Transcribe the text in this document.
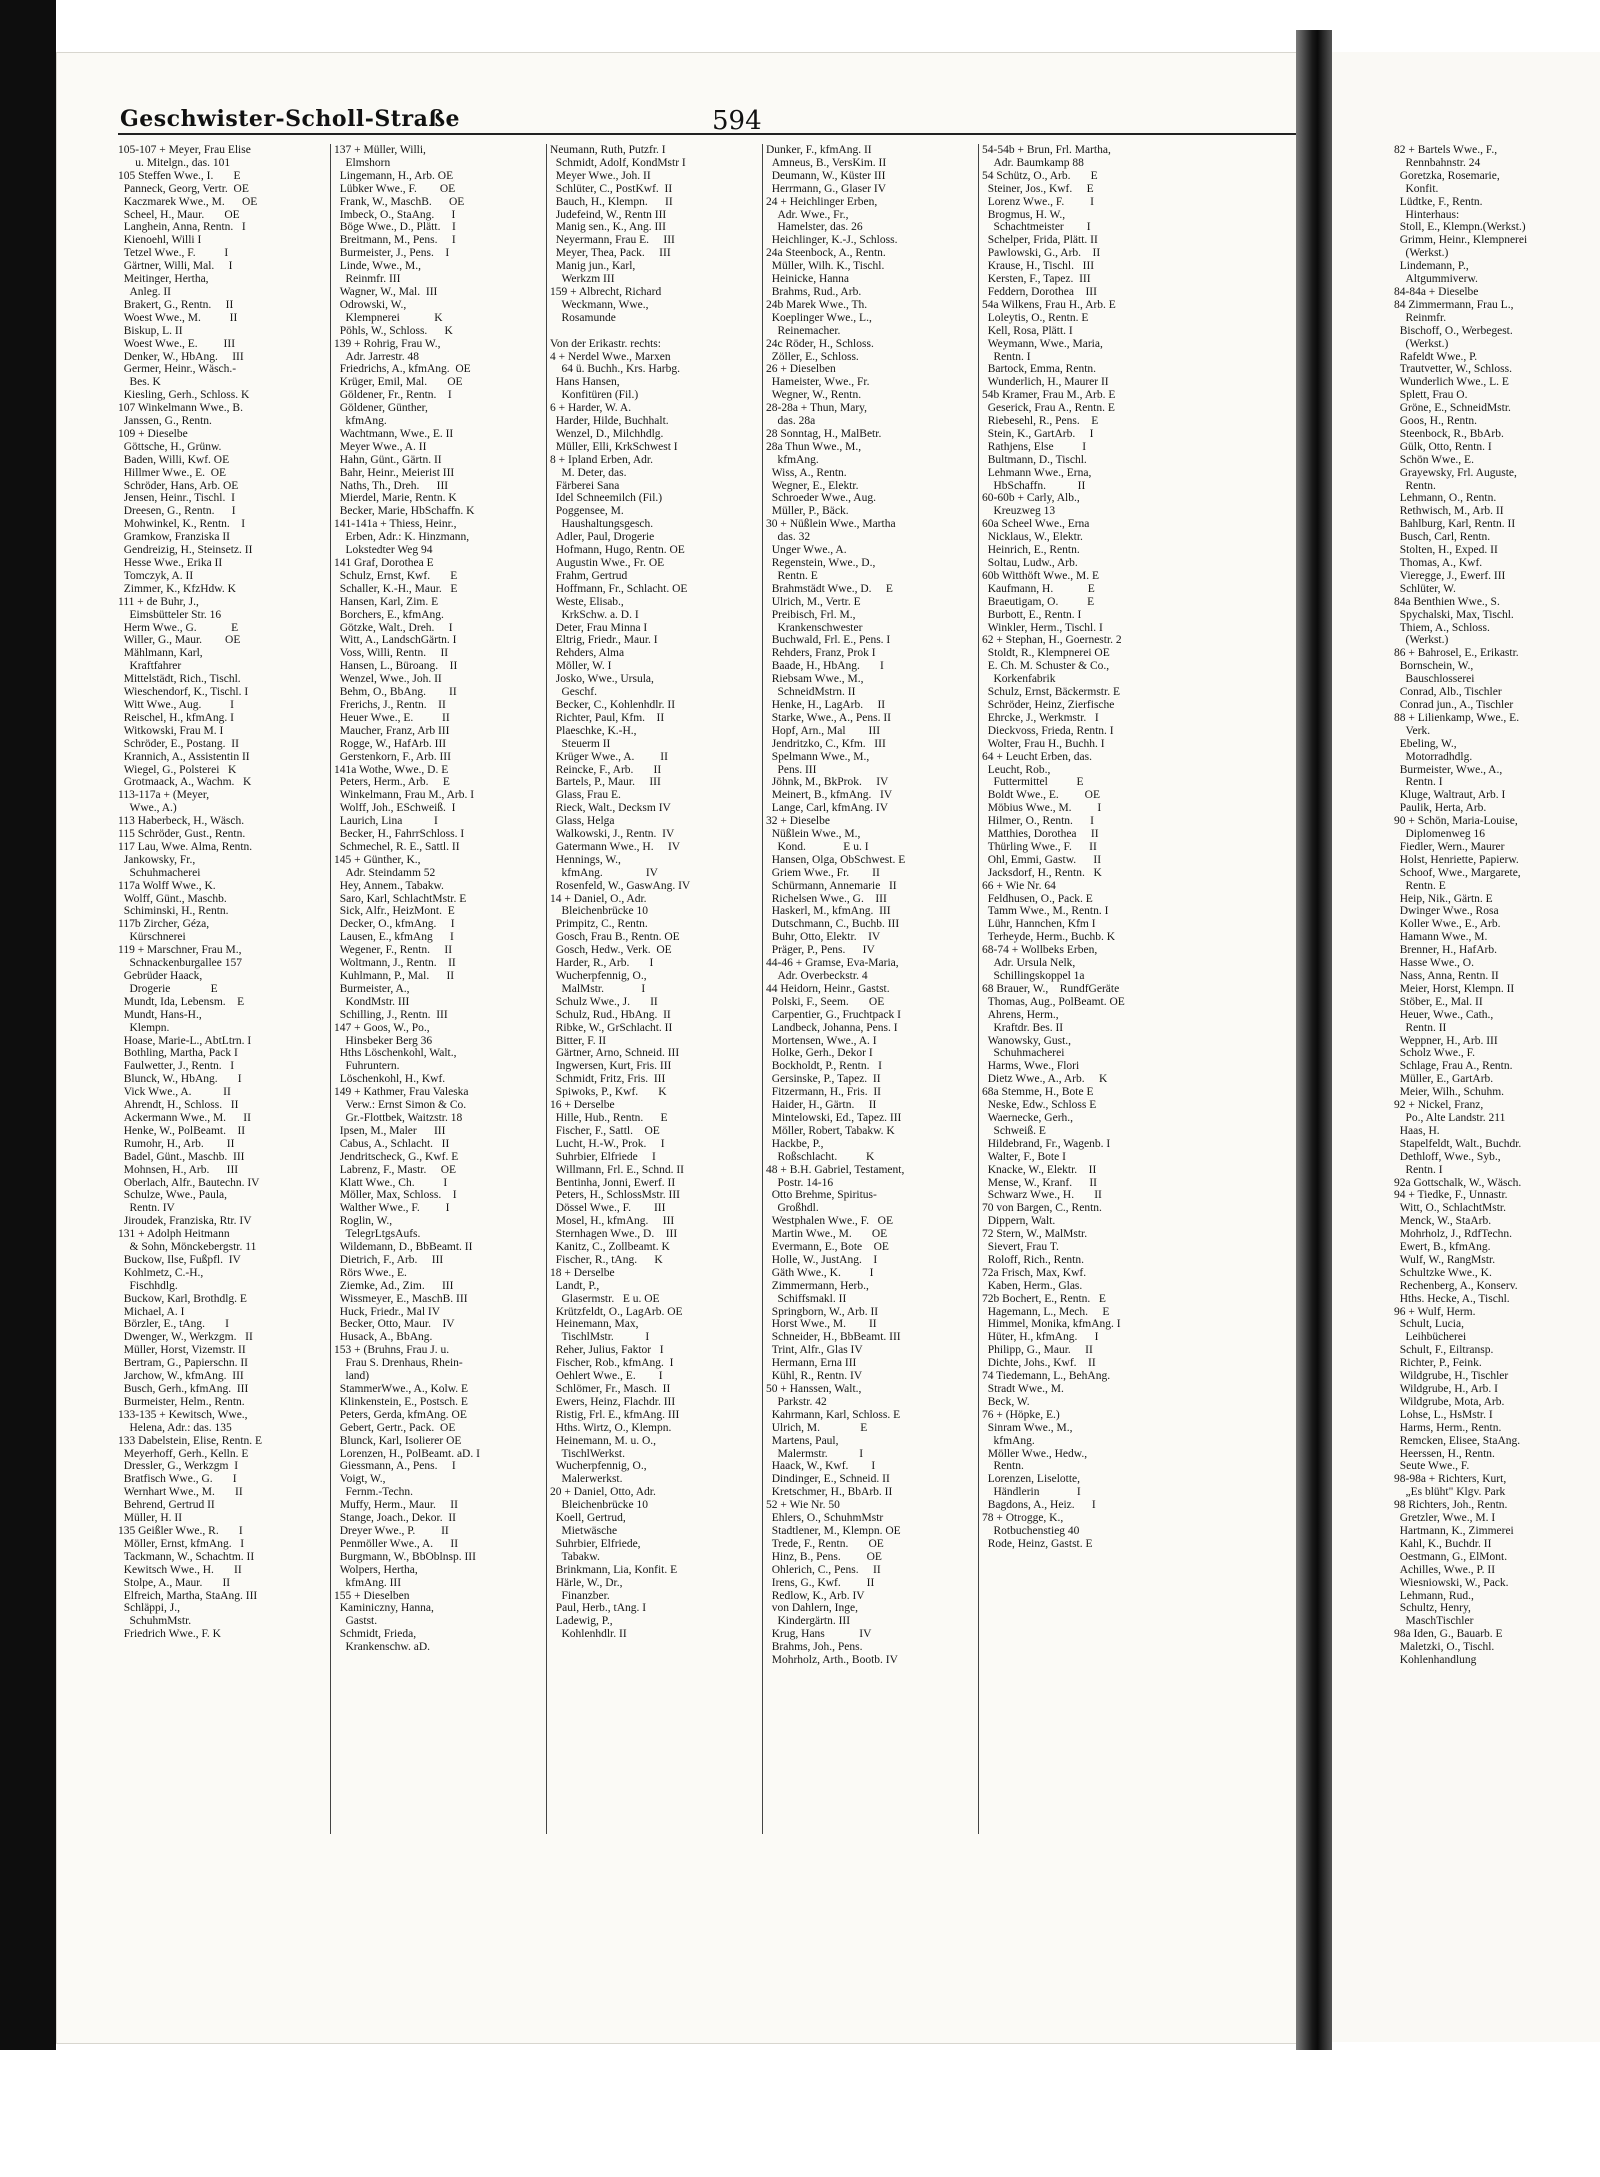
Geschwister-Scholl-Straße	594
105-107 + Meyer, Frau Elise
u. Mitelgn., das. 101
105 Steffen Wwe., I.       E
Panneck, Georg, Vertr.  OE
Kaczmarek Wwe., M.      OE
Scheel, H., Maur.       OE
Langhein, Anna, Rentn.   I
Kienoehl, Willi I
Tetzel Wwe., F.          I
Gärtner, Willi, Mal.     I
Meitinger, Hertha,
Anleg. II
Brakert, G., Rentn.     II
Woest Wwe., M.          II
Biskup, L. II
Woest Wwe., E.         III
Denker, W., HbAng.     III
Germer, Heinr., Wäsch.-
Bes. K
Kiesling, Gerh., Schloss. K
107 Winkelmann Wwe., B.
Janssen, G., Rentn.
109 + Dieselbe
Göttsche, H., Grünw.
Baden, Willi, Kwf. OE
Hillmer Wwe., E.  OE
Schröder, Hans, Arb. OE
Jensen, Heinr., Tischl.  I
Dreesen, G., Rentn.      I
Mohwinkel, K., Rentn.    I
Gramkow, Franziska II
Gendreizig, H., Steinsetz. II
Hesse Wwe., Erika II
Tomczyk, A. II
Zimmer, K., KfzHdw. K
111 + de Buhr, J.,
Eimsbütteler Str. 16
Herm Wwe., G.            E
Willer, G., Maur.        OE
Mählmann, Karl,
Kraftfahrer
Mittelstädt, Rich., Tischl.
Wieschendorf, K., Tischl. I
Witt Wwe., Aug.          I
Reischel, H., kfmAng. I
Witkowski, Frau M. I
Schröder, E., Postang.  II
Krannich, A., Assistentin II
Wiegel, G., Polsterei   K
Grotmaack, A., Wachm.   K
113-117a + (Meyer,
Wwe., A.)
113 Haberbeck, H., Wäsch.
115 Schröder, Gust., Rentn.
117 Lau, Wwe. Alma, Rentn.
Jankowsky, Fr.,
Schuhmacherei
117a Wolff Wwe., K.
Wolff, Günt., Maschb.
Schiminski, H., Rentn.
117b Zircher, Géza,
Kürschnerei
119 + Marschner, Frau M.,
Schnackenburgallee 157
Gebrüder Haack,
Drogerie              E
Mundt, Ida, Lebensm.    E
Mundt, Hans-H.,
Klempn.
Hoase, Marie-L., AbtLtrn. I
Bothling, Martha, Pack I
Faulwetter, J., Rentn.   I
Blunck, W., HbAng.       I
Vick Wwe., A.           II
Ahrendt, H., Schloss.   II
Ackermann Wwe., M.      II
Henke, W., PolBeamt.    II
Rumohr, H., Arb.        II
Badel, Günt., Maschb.  III
Mohnsen, H., Arb.      III
Oberlach, Alfr., Bautechn. IV
Schulze, Wwe., Paula,
Rentn. IV
Jiroudek, Franziska, Rtr. IV
131 + Adolph Heitmann
& Sohn, Mönckebergstr. 11
Buckow, Ilse, Fußpfl.  IV
Kohlmetz, C.-H.,
Fischhdlg.
Buckow, Karl, Brothdlg. E
Michael, A. I
Börzler, E., tAng.       I
Dwenger, W., Werkzgm.   II
Müller, Horst, Vizemstr. II
Bertram, G., Papierschn. II
Jarchow, W., kfmAng.  III
Busch, Gerh., kfmAng.  III
Burmeister, Helm., Rentn.
133-135 + Kewitsch, Wwe.,
Helena, Adr.: das. 135
133 Dabelstein, Elise, Rentn. E
Meyerhoff, Gerh., Kelln. E
Dressler, G., Werkzgm  I
Bratfisch Wwe., G.       I
Wernhart Wwe., M.       II
Behrend, Gertrud II
Müller, H. II
135 Geißler Wwe., R.       I
Möller, Ernst, kfmAng.   I
Tackmann, W., Schachtm. II
Kewitsch Wwe., H.       II
Stolpe, A., Maur.       II
Elfreich, Martha, StaAng. III
Schläppi, J.,
SchuhmMstr.
Friedrich Wwe., F. K
137 + Müller, Willi,
Elmshorn
Lingemann, H., Arb. OE
Lübker Wwe., F.        OE
Frank, W., MaschB.      OE
Imbeck, O., StaAng.      I
Böge Wwe., D., Plätt.    I
Breitmann, M., Pens.     I
Burmeister, J., Pens.    I
Linde, Wwe., M.,
Reinmfr. III
Wagner, W., Mal.  III
Odrowski, W.,
Klempnerei            K
Pöhls, W., Schloss.      K
139 + Rohrig, Frau W.,
Adr. Jarrestr. 48
Friedrichs, A., kfmAng.  OE
Krüger, Emil, Mal.       OE
Göldener, Fr., Rentn.    I
Göldener, Günther,
kfmAng.
Wachtmann, Wwe., E. II
Meyer Wwe., A. II
Hahn, Günt., Gärtn. II
Bahr, Heinr., Meierist III
Naths, Th., Dreh.      III
Mierdel, Marie, Rentn. K
Becker, Marie, HbSchaffn. K
141-141a + Thiess, Heinr.,
Erben, Adr.: K. Hinzmann,
Lokstedter Weg 94
141 Graf, Dorothea E
Schulz, Ernst, Kwf.       E
Schaller, K.-H., Maur.   E
Hansen, Karl, Zim. E
Borchers, E., kfmAng.
Götzke, Walt., Dreh.     I
Witt, A., LandschGärtn. I
Voss, Willi, Rentn.     II
Hansen, L., Büroang.    II
Wenzel, Wwe., Joh. II
Behm, O., BbAng.        II
Frerichs, J., Rentn.    II
Heuer Wwe., E.          II
Maucher, Franz, Arb III
Rogge, W., HafArb. III
Gerstenkorn, F., Arb. III
141a Wothe, Wwe., D. E
Peters, Herm., Arb.     E
Winkelmann, Frau M., Arb. I
Wolff, Joh., ESchweiß.  I
Laurich, Lina           I
Becker, H., FahrrSchloss. I
Schmechel, R. E., Sattl. II
145 + Günther, K.,
Adr. Steindamm 52
Hey, Annem., Tabakw.
Saro, Karl, SchlachtMstr. E
Sick, Alfr., HeizMont.  E
Decker, O., kfmAng.     I
Lausen, E., kfmAng      I
Wegener, F., Rentn.     II
Woltmann, J., Rentn.    II
Kuhlmann, P., Mal.      II
Burmeister, A.,
KondMstr. III
Schilling, J., Rentn.  III
147 + Goos, W., Po.,
Hinsbeker Berg 36
Hths Löschenkohl, Walt.,
Fuhruntern.
Löschenkohl, H., Kwf.
149 + Kathmer, Frau Valeska
Verw.: Ernst Simon & Co.
Gr.-Flottbek, Waitzstr. 18
Ipsen, M., Maler      III
Cabus, A., Schlacht.   II
Jendritscheck, G., Kwf. E
Labrenz, F., Mastr.     OE
Klatt Wwe., Ch.          I
Möller, Max, Schloss.    I
Walther Wwe., F.         I
Roglin, W.,
TelegrLtgsAufs.
Wildemann, D., BbBeamt. II
Dietrich, F., Arb.     III
Rörs Wwe., E.
Ziemke, Ad., Zim.      III
Wissmeyer, E., MaschB. III
Huck, Friedr., Mal IV
Becker, Otto, Maur.    IV
Husack, A., BbAng.
153 + (Bruhns, Frau J. u.
Frau S. Drenhaus, Rhein-
land)
StammerWwe., A., Kolw. E
Klinkenstein, E., Postsch. E
Peters, Gerda, kfmAng. OE
Gebert, Gertr., Pack.  OE
Blunck, Karl, Isolierer OE
Lorenzen, H., PolBeamt. aD. I
Giessmann, A., Pens.     I
Voigt, W.,
Fernm.-Techn.
Muffy, Herm., Maur.     II
Stange, Joach., Dekor.  II
Dreyer Wwe., P.         II
Penmöller Wwe., A.      II
Burgmann, W., BbOblnsp. III
Wolpers, Hertha,
kfmAng. III
155 + Dieselben
Kaminiczny, Hanna,
Gastst.
Schmidt, Frieda,
Krankenschw. aD.
Neumann, Ruth, Putzfr. I
Schmidt, Adolf, KondMstr I
Meyer Wwe., Joh. II
Schlüter, C., PostKwf.  II
Bauch, H., Klempn.      II
Judefeind, W., Rentn III
Manig sen., K., Ang. III
Neyermann, Frau E.     III
Meyer, Thea, Pack.     III
Manig jun., Karl,
Werkzm III
159 + Albrecht, Richard
Weckmann, Wwe.,
Rosamunde

Von der Erikastr. rechts:
4 + Nerdel Wwe., Marxen
64 ü. Buchh., Krs. Harbg.
Hans Hansen,
Konfitüren (Fil.)
6 + Harder, W. A.
Harder, Hilde, Buchhalt.
Wenzel, D., Milchhdlg.
Müller, Elli, KrkSchwest I
8 + Ipland Erben, Adr.
M. Deter, das.
Färberei Sana
Idel Schneemilch (Fil.)
Poggensee, M.
Haushaltungsgesch.
Adler, Paul, Drogerie
Hofmann, Hugo, Rentn. OE
Augustin Wwe., Fr. OE
Frahm, Gertrud
Hoffmann, Fr., Schlacht. OE
Weste, Elisab.,
KrkSchw. a. D. I
Deter, Frau Minna I
Eltrig, Friedr., Maur. I
Rehders, Alma
Möller, W. I
Josko, Wwe., Ursula,
Geschf.
Becker, C., Kohlenhdlr. II
Richter, Paul, Kfm.    II
Plaeschke, K.-H.,
Steuerm II
Krüger Wwe., A.         II
Reincke, F., Arb.       II
Bartels, P., Maur.     III
Glass, Frau E.
Rieck, Walt., Decksm IV
Glass, Helga
Walkowski, J., Rentn.  IV
Gatermann Wwe., H.     IV
Hennings, W.,
kfmAng.               IV
Rosenfeld, W., GaswAng. IV
14 + Daniel, O., Adr.
Bleichenbrücke 10
Primpitz, C., Rentn.
Gosch, Frau B., Rentn. OE
Gosch, Hedw., Verk.  OE
Harder, R., Arb.       I
Wucherpfennig, O.,
MalMstr.             I
Schulz Wwe., J.       II
Schulz, Rud., HbAng.  II
Ribke, W., GrSchlacht. II
Bitter, F. II
Gärtner, Arno, Schneid. III
Ingwersen, Kurt, Fris. III
Schmidt, Fritz, Fris.  III
Spiwoks, P., Kwf.       K
16 + Derselbe
Hille, Hub., Rentn.      E
Fischer, F., Sattl.    OE
Lucht, H.-W., Prok.     I
Suhrbier, Elfriede     I
Willmann, Frl. E., Schnd. II
Bentinha, Jonni, Ewerf. II
Peters, H., SchlossMstr. III
Dössel Wwe., F.        III
Mosel, H., kfmAng.     III
Sternhagen Wwe., D.    III
Kanitz, C., Zollbeamt. K
Fischer, R., tAng.      K
18 + Derselbe
Landt, P.,
Glasermstr.   E u. OE
Krützfeldt, O., LagArb. OE
Heinemann, Max,
TischlMstr.           I
Reher, Julius, Faktor   I
Fischer, Rob., kfmAng.  I
Oehlert Wwe., E.        I
Schlömer, Fr., Masch.  II
Ewers, Heinz, Flachdr. III
Ristig, Frl. E., kfmAng. III
Hths. Wirtz, O., Klempn.
Heinemann, M. u. O.,
TischlWerkst.
Wucherpfennig, O.,
Malerwerkst.
20 + Daniel, Otto, Adr.
Bleichenbrücke 10
Koell, Gertrud,
Mietwäsche
Suhrbier, Elfriede,
Tabakw.
Brinkmann, Lia, Konfit. E
Härle, W., Dr.,
Finanzber.
Paul, Herb., tAng. I
Ladewig, P.,
Kohlenhdlr. II
Dunker, F., kfmAng. II
Amneus, B., VersKim. II
Deumann, W., Küster III
Herrmann, G., Glaser IV
24 + Heichlinger Erben,
Adr. Wwe., Fr.,
Hamelster, das. 26
Heichlinger, K.-J., Schloss.
24a Steenbock, A., Rentn.
Müller, Wilh. K., Tischl.
Heinicke, Hanna
Brahms, Rud., Arb.
24b Marek Wwe., Th.
Koeplinger Wwe., L.,
Reinemacher.
24c Röder, H., Schloss.
Zöller, E., Schloss.
26 + Dieselben
Hameister, Wwe., Fr.
Wegner, W., Rentn.
28-28a + Thun, Mary,
das. 28a
28 Sonntag, H., MalBetr.
28a Thun Wwe., M.,
kfmAng.
Wiss, A., Rentn.
Wegner, E., Elektr.
Schroeder Wwe., Aug.
Müller, P., Bäck.
30 + Nüßlein Wwe., Martha
das. 32
Unger Wwe., A.
Regenstein, Wwe., D.,
Rentn. E
Brahmstädt Wwe., D.     E
Ulrich, M., Vertr. E
Preibisch, Frl. M.,
Krankenschwester
Buchwald, Frl. E., Pens. I
Rehders, Franz, Prok I
Baade, H., HbAng.       I
Riebsam Wwe., M.,
SchneidMstrn. II
Henke, H., LagArb.     II
Starke, Wwe., A., Pens. II
Hopf, Arn., Mal        III
Jendritzko, C., Kfm.   III
Spelmann Wwe., M.,
Pens. III
Jöhnk, M., BkProk.     IV
Meinert, B., kfmAng.   IV
Lange, Carl, kfmAng. IV
32 + Dieselbe
Nüßlein Wwe., M.,
Kond.             E u. I
Hansen, Olga, ObSchwest. E
Griem Wwe., Fr.        II
Schürmann, Annemarie   II
Richelsen Wwe., G.    III
Haskerl, M., kfmAng.  III
Dutschmann, C., Buchb. III
Buhr, Otto, Elektr.    IV
Präger, P., Pens.      IV
44-46 + Gramse, Eva-Maria,
Adr. Overbeckstr. 4
44 Heidorn, Heinr., Gastst.
Polski, F., Seem.       OE
Carpentier, G., Fruchtpack I
Landbeck, Johanna, Pens. I
Mortensen, Wwe., A. I
Holke, Gerh., Dekor I
Bockholdt, P., Rentn.   I
Gersinske, P., Tapez.  II
Fitzermann, H., Fris.  II
Haider, H., Gärtn.     II
Mintelowski, Ed., Tapez. III
Möller, Robert, Tabakw. K
Hackbe, P.,
Roßschlacht.          K
48 + B.H. Gabriel, Testament,
Postr. 14-16
Otto Brehme, Spiritus-
Großhdl.
Westphalen Wwe., F.   OE
Martin Wwe., M.       OE
Evermann, E., Bote    OE
Holle, W., JustAng.    I
Gäth Wwe., K.          I
Zimmermann, Herb.,
Schiffsmakl. II
Springborn, W., Arb. II
Horst Wwe., M.        II
Schneider, H., BbBeamt. III
Trint, Alfr., Glas IV
Hermann, Erna III
Kühl, R., Rentn. IV
50 + Hanssen, Walt.,
Parkstr. 42
Kahrmann, Karl, Schloss. E
Ulrich, M.              E
Martens, Paul,
Malermstr.           I
Haack, W., Kwf.        I
Dindinger, E., Schneid. II
Kretschmer, H., BbArb. II
52 + Wie Nr. 50
Ehlers, O., SchuhmMstr
Stadtlener, M., Klempn. OE
Trede, F., Rentn.       OE
Hinz, B., Pens.         OE
Ohlerich, C., Pens.     II
Irens, G., Kwf.         II
Redlow, K., Arb. IV
von Dahlern, Inge,
Kindergärtn. III
Krug, Hans            IV
Brahms, Joh., Pens.
Mohrholz, Arth., Bootb. IV
54-54b + Brun, Frl. Martha,
Adr. Baumkamp 88
54 Schütz, O., Arb.       E
Steiner, Jos., Kwf.     E
Lorenz Wwe., F.         I
Brogmus, H. W.,
Schachtmeister        I
Schelper, Frida, Plätt. II
Pawlowski, G., Arb.    II
Krause, H., Tischl.   III
Kersten, F., Tapez.  III
Feddern, Dorothea    III
54a Wilkens, Frau H., Arb. E
Loleytis, O., Rentn. E
Kell, Rosa, Plätt. I
Weymann, Wwe., Maria,
Rentn. I
Bartock, Emma, Rentn.
Wunderlich, H., Maurer II
54b Kramer, Frau M., Arb. E
Geserick, Frau A., Rentn. E
Riebesehl, R., Pens.    E
Stein, K., GartArb.     I
Rathjens, Else          I
Bultmann, D., Tischl.
Lehmann Wwe., Erna,
HbSchaffn.           II
60-60b + Carly, Alb.,
Kreuzweg 13
60a Scheel Wwe., Erna
Nicklaus, W., Elektr.
Heinrich, E., Rentn.
Soltau, Ludw., Arb.
60b Witthöft Wwe., M. E
Kaufmann, H.            E
Braeutigam, O.          E
Burbott, E., Rentn. I
Winkler, Herm., Tischl. I
62 + Stephan, H., Goernestr. 2
Stoldt, R., Klempnerei OE
E. Ch. M. Schuster & Co.,
Korkenfabrik
Schulz, Ernst, Bäckermstr. E
Schröder, Heinz, Zierfische
Ehrcke, J., Werkmstr.   I
Dieckvoss, Frieda, Rentn. I
Wolter, Frau H., Buchh. I
64 + Leucht Erben, das.
Leucht, Rob.,
Futtermittel          E
Boldt Wwe., E.         OE
Möbius Wwe., M.         I
Hilmer, O., Rentn.      I
Matthies, Dorothea     II
Thürling Wwe., F.      II
Ohl, Emmi, Gastw.      II
Jacksdorf, H., Rentn.   K
66 + Wie Nr. 64
Feldhusen, O., Pack. E
Tamm Wwe., M., Rentn. I
Lühr, Hannchen, Kfm I
Terheyde, Herm., Buchb. K
68-74 + Wollbeks Erben,
Adr. Ursula Nelk,
Schillingskoppel 1a
68 Brauer, W.,    RundfGeräte
Thomas, Aug., PolBeamt. OE
Ahrens, Herm.,
Kraftdr. Bes. II
Wanowsky, Gust.,
Schuhmacherei
Harms, Wwe., Flori
Dietz Wwe., A., Arb.     K
68a Stemme, H., Bote E
Neske, Edw., Schloss E
Waernecke, Gerh.,
Schweiß. E
Hildebrand, Fr., Wagenb. I
Walter, F., Bote I
Knacke, W., Elektr.    II
Mense, W., Kranf.      II
Schwarz Wwe., H.       II
70 von Bargen, C., Rentn.
Dippern, Walt.
72 Stern, W., MalMstr.
Sievert, Frau T.
Roloff, Rich., Rentn.
72a Frisch, Max, Kwf.
Kaben, Herm., Glas.
72b Bochert, E., Rentn.   E
Hagemann, L., Mech.     E
Himmel, Monika, kfmAng. I
Hüter, H., kfmAng.      I
Philipp, G., Maur.     II
Dichte, Johs., Kwf.    II
74 Tiedemann, L., BehAng.
Stradt Wwe., M.
Beck, W.
76 + (Höpke, E.)
Sinram Wwe., M.,
kfmAng.
Möller Wwe., Hedw.,
Rentn.
Lorenzen, Liselotte,
Händlerin             I
Bagdons, A., Heiz.      I
78 + Otrogge, K.,
Rotbuchenstieg 40
Rode, Heinz, Gastst. E
82 + Bartels Wwe., F.,
Rennbahnstr. 24
Goretzka, Rosemarie,
Konfit.
Lüdtke, F., Rentn.
Hinterhaus:
Stoll, E., Klempn.(Werkst.)
Grimm, Heinr., Klempnerei
(Werkst.)
Lindemann, P.,
Altgummiverw.
84-84a + Dieselbe
84 Zimmermann, Frau L.,
Reinmfr.
Bischoff, O., Werbegest.
(Werkst.)
Rafeldt Wwe., P.
Trautvetter, W., Schloss.
Wunderlich Wwe., L. E
Splett, Frau O.
Gröne, E., SchneidMstr.
Goos, H., Rentn.
Steenbock, R., BbArb.
Gülk, Otto, Rentn. I
Schön Wwe., E.
Grayewsky, Frl. Auguste,
Rentn.
Lehmann, O., Rentn.
Rethwisch, M., Arb. II
Bahlburg, Karl, Rentn. II
Busch, Carl, Rentn.
Stolten, H., Exped. II
Thomas, A., Kwf.
Vieregge, J., Ewerf. III
Schlüter, W.
84a Benthien Wwe., S.
Spychalski, Max, Tischl.
Thiem, A., Schloss.
(Werkst.)
86 + Bahrosel, E., Erikastr.
Bornschein, W.,
Bauschlosserei
Conrad, Alb., Tischler
Conrad jun., A., Tischler
88 + Lilienkamp, Wwe., E.
Verk.
Ebeling, W.,
Motorradhdlg.
Burmeister, Wwe., A.,
Rentn. I
Kluge, Waltraut, Arb. I
Paulik, Herta, Arb.
90 + Schön, Maria-Louise,
Diplomenweg 16
Fiedler, Wern., Maurer
Holst, Henriette, Papierw.
Schoof, Wwe., Margarete,
Rentn. E
Heip, Nik., Gärtn. E
Dwinger Wwe., Rosa
Koller Wwe., E., Arb.
Hamann Wwe., M.
Brenner, H., HafArb.
Hasse Wwe., O.
Nass, Anna, Rentn. II
Meier, Horst, Klempn. II
Stöber, E., Mal. II
Heuer, Wwe., Cath.,
Rentn. II
Weppner, H., Arb. III
Scholz Wwe., F.
Schlage, Frau A., Rentn.
Müller, E., GartArb.
Meier, Wilh., Schuhm.
92 + Nickel, Franz,
Po., Alte Landstr. 211
Haas, H.
Stapelfeldt, Walt., Buchdr.
Dethloff, Wwe., Syb.,
Rentn. I
92a Gottschalk, W., Wäsch.
94 + Tiedke, F., Unnastr.
Witt, O., SchlachtMstr.
Menck, W., StaArb.
Mohrholz, J., RdfTechn.
Ewert, B., kfmAng.
Wulf, W., RangMstr.
Schultzke Wwe., K.
Rechenberg, A., Konserv.
Hths. Hecke, A., Tischl.
96 + Wulf, Herm.
Schult, Lucia,
Leihbücherei
Schult, F., Eiltransp.
Richter, P., Feink.
Wildgrube, H., Tischler
Wildgrube, H., Arb. I
Wildgrube, Mota, Arb.
Lohse, L., HsMstr. I
Harms, Herm., Rentn.
Remcken, Elisee, StaAng.
Heerssen, H., Rentn.
Seute Wwe., F.
98-98a + Richters, Kurt,
„Es blüht" Klgv. Park
98 Richters, Joh., Rentn.
Gretzler, Wwe., M. I
Hartmann, K., Zimmerei
Kahl, K., Buchdr. II
Oestmann, G., ElMont.
Achilles, Wwe., P. II
Wiesniowski, W., Pack.
Lehmann, Rud.,
Schultz, Henry,
MaschTischler
98a Iden, G., Bauarb. E
Maletzki, O., Tischl.
Kohlenhandlung
